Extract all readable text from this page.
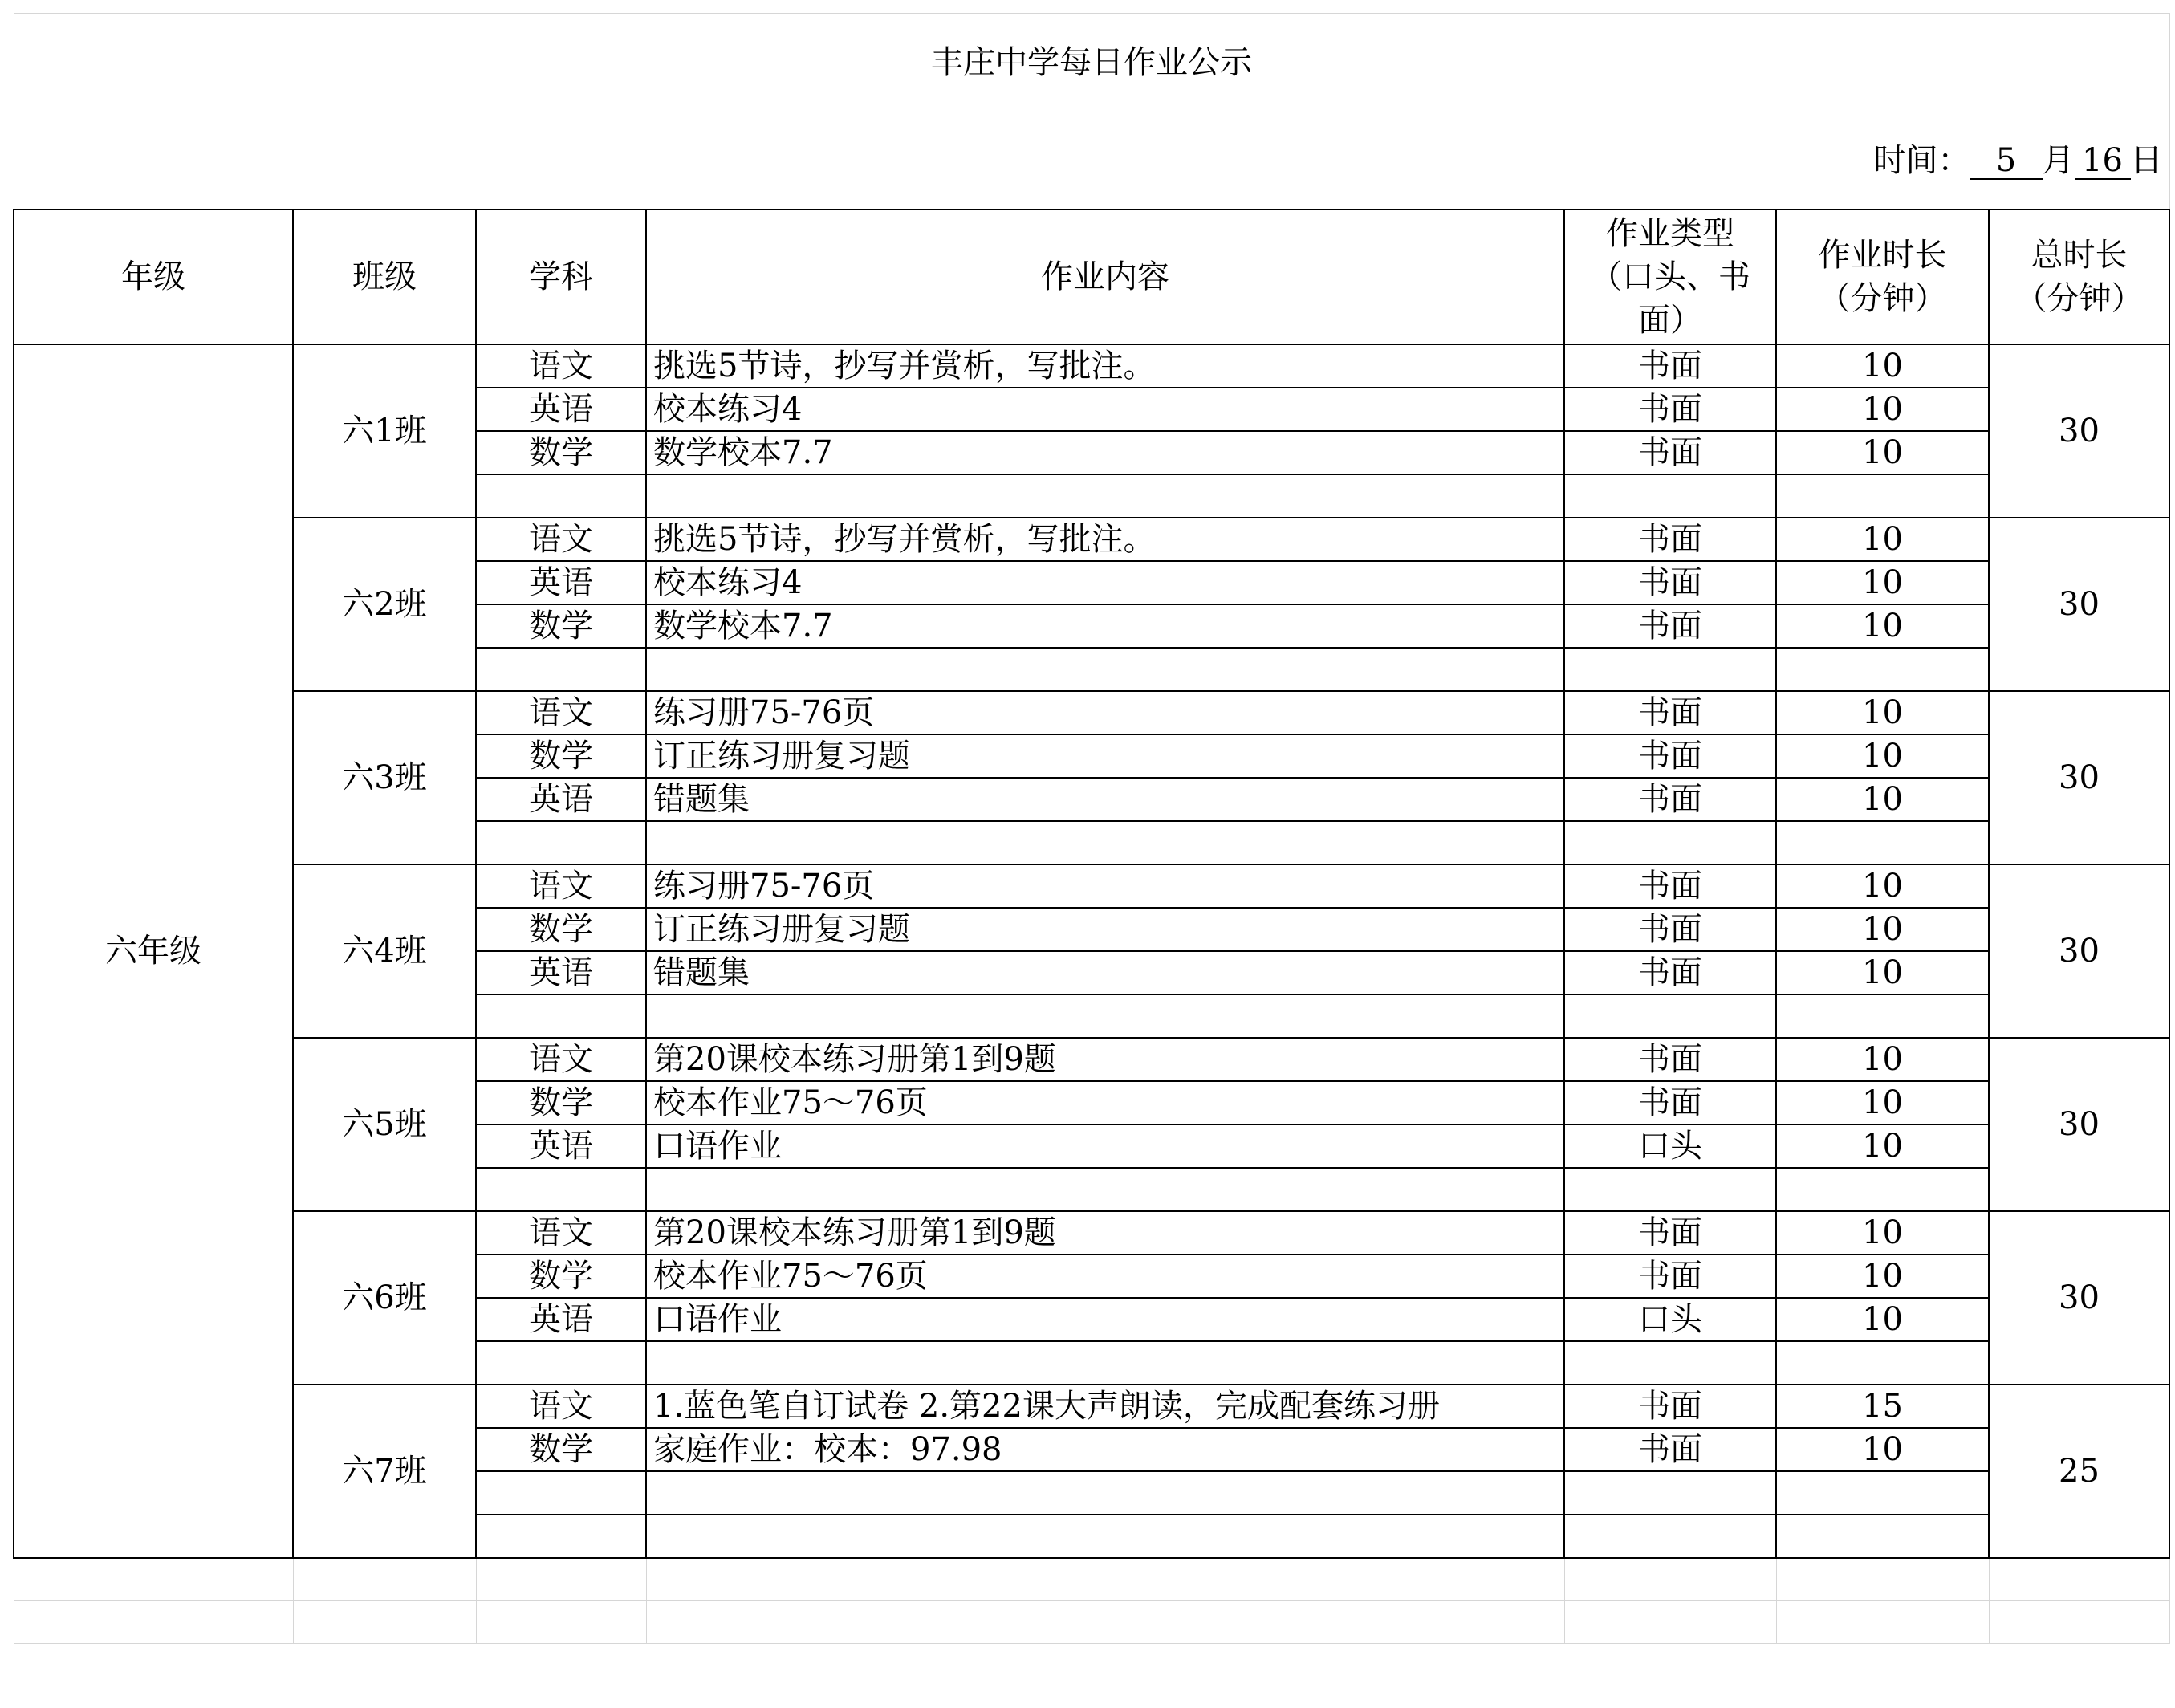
丰庄中学每日作业公示						
时间： 5 月 16 日						
年级	班级	学科	作业内容	作业类型（口头、书面）	作业时长（分钟）	总时长（分钟）
六年级	六1班	语文	挑选5节诗，抄写并赏析，写批注。	书面	10	30
		英语	校本练习4	书面	10	
		数学	数学校本7.7	书面	10	

	六2班	语文	挑选5节诗，抄写并赏析，写批注。	书面	10	30
		英语	校本练习4	书面	10	
		数学	数学校本7.7	书面	10	

	六3班	语文	练习册75-76页	书面	10	30
		数学	订正练习册复习题	书面	10	
		英语	错题集	书面	10	

	六4班	语文	练习册75-76页	书面	10	30
		数学	订正练习册复习题	书面	10	
		英语	错题集	书面	10	

	六5班	语文	第20课校本练习册第1到9题	书面	10	30
		数学	校本作业75～76页	书面	10	
		英语	口语作业	口头	10	

	六6班	语文	第20课校本练习册第1到9题	书面	10	30
		数学	校本作业75～76页	书面	10	
		英语	口语作业	口头	10	

	六7班	语文	1.蓝色笔自订试卷 2.第22课大声朗读，完成配套练习册	书面	15	25
		数学	家庭作业：校本：97.98	书面	10	
